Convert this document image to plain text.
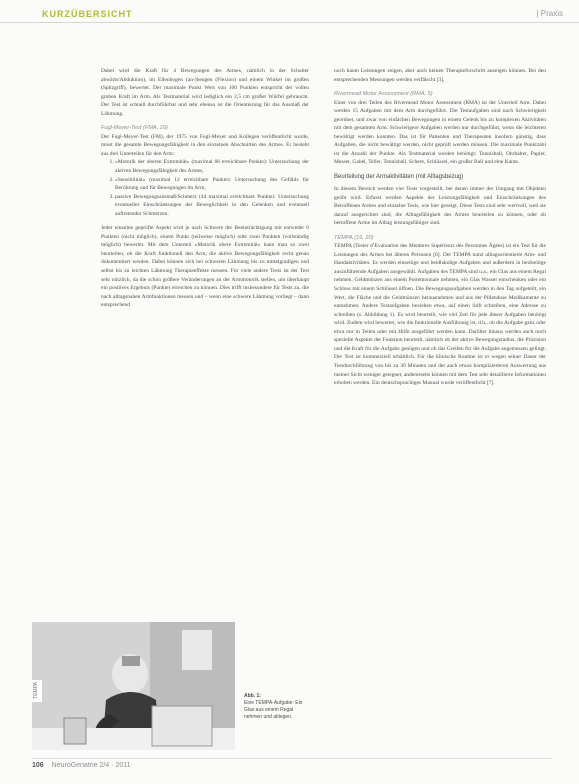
KURZÜBERSICHT	| Praxis

Dabei wird die Kraft für 4 Bewegungen des Armes, nämlich in der Schulter abwärts/Abduktion), im Ellenbogen (an-)beugen (Flexion) und einem Winkel im großen (Spitzgriff), bewertet. Der maximale Punkt Wert von 100 Punkten entspricht der vollen groben Kraft im Arm. Als Testmaterial wird lediglich ein 2,5 cm großer Würfel gebraucht. Der Test ist schnell durchführbar und sehr ebenso ist die Orientierung für das Ausmaß der Lähmung.

Fugl-Meyer-Test (FMA, 29)

Der Fugl-Meyer-Test (FM), der 1975 von Fugl-Meyer und Kollegen veröffentlicht wurde, misst die gesamte Bewegungsfähigkeit in den einzelnen Abschnitten des Armes. Er besteht aus drei Unterteilen für den Arm:

1. »Motorik der oberen Extremität« (maximal 66 erreichbare Punkte): Untersuchung der aktiven Bewegungsfähigkeit des Armes,
2. »Sensibilität« (maximal 12 erreichbare Punkte): Untersuchung des Gefühls für Berührung und für Bewegungen im Arm,
3. passive Bewegungsausmaß/Schmerz (44 maximal erreichbare Punkte): Untersuchung eventueller Einschränkungen der Beweglichkeit in den Gelenken und eventuell auftretender Schmerzen.

Jeder einzelne geprüfte Aspekt wird je nach Schwere der Beeinträchtigung mit entweder 0 Punkten (nicht möglich), einem Punkt (teilweise möglich) oder zwei Punkten (vollständig möglich) bewertet. Mit dem Unterteil »Motorik obere Extremität« kann man so zwei beurteilen, ob die Kraft funktionell den Arm, die aktive Bewegungsfähigkeit recht genau dokumentiert werden. Dabei können sich bei schweren Lähmung bis zu mittelgradigen und selbst bis zu leichten Lähmung Therapieeffekte messen. Für viele andere Tests ist der Test sehr nützlich, da die schon größere Veränderungen an der Armmotorik stellen, um überhaupt ein positives Ergebnis (Punkte) erreichen zu können. Dies trifft insbesondere für Tests zu, die nach alltagsnahen Armfunktionen messen und – wenn eine schwere Lähmung vorliegt – dann entsprechend

noch kaum Leistungen zeigen, aber auch keinen Therapieforschritt anzeigen können. Bei den entsprechenden Messungen werden verfälscht [3].

Rivermead Motor Assessment (RMA, 5)

Einer von drei Teilen des Rivermead Motor Assessment (RMA) ist der Unterteil Arm. Dabei werden 15 Aufgaben mit dem Arm durchgeführt. Die Testaufgaben sind nach Schwierigkeit geordnet, und zwar von einfachen Bewegungen in einem Gelenk bis zu komplexen Aktivitäten mit dem gesamten Arm. Schwierigere Aufgaben werden nur durchgeführt, wenn die leichteren bewältigt werden konnten. Das ist für Patienten und Therapeuten insofern günstig, dass Aufgaben, die nicht bewältigt werden, nicht geprüft werden müssen. Die maximale Punktzahl ist die Anzahl der Punkte. Als Testmaterial werden benötigt: Tennisball, Ohrhalter, Papier, Messer, Gabel, Teller, Tennisball, Schere, Schlüssel, ein großer Ball und eine Kante.

Beurteilung der Armaktivitäten (mit Alltagsbezug)

In diesem Bereich werden vier Tests vorgestellt, bei denen immer der Umgang mit Objekten geübt wird. Erfasst werden Aspekte der Leistungsfähigkeit und Einschränkungen des Betroffenen Armes und einzelne Tests, wie hier gezeigt. Diese Tests sind sehr wertvoll, weil sie darauf ausgerichtet sind, die Alltagsfähigkeit des Armes beurteilen zu können, oder ob betroffene Arme im Alltag leistungsfähiger sind.

TEMPA (19, 20)

TEMPA (Tester d’Evaluation des Membres Supérieurs des Personnes Âgées) ist ein Test für die Leistungen des Armes bei älteren Personen [6]. Der TEMPA nutzt alltagsorientierte Arm- und Handaktivitäten. Es werden einseitige und beidhändige Aufgaben und außerdem in beidseitige auszuführende Aufgaben ausgewählt. Aufgaben des TEMPA sind u.a., ein Glas aus einem Regal nehmen, Geldmünzen aus einem Portemonnaie nehmen, ein Glas Wasser einschenken oder ein Schloss mit einem Schlüssel öffnen. Die Bewegungsaufgaben werden in den Tag aufgeteilt, ein Wert, die Fläche und die Geldmünzen herausnehmen und aus der Pillendose Medikamente zu entnehmen. Andere Testaufgaben beziehen etwa, auf einen Stift schreiben, eine Adresse zu schreiben (s. Abbildung 1). Es wird beurteilt, wie viel Zeit für jede dieser Aufgaben benötigt wird. Zudem wird bewertet, wie die funktionelle Ausführung ist, d.h., ob die Aufgabe ganz oder etwa nur in Teilen oder mit Hilfe ausgeführt werden kann. Darüber hinaus werden auch noch spezielle Aspekte der Funktion beurteilt, nämlich ob der aktive Bewegungsradius, die Präzision und die Kraft für die Aufgabe genügen und ob das Greifen für die Aufgabe angemessen gelingt. Der Test ist kommerziell erhältlich. Für die klinische Routine ist er wegen seiner Dauer der Testdurchführung von bis zu 30 Minuten und der auch etwas komplizierteren Auswertung aus meiner Sicht weniger geeignet, andererseits können mit dem Test sehr detaillierte Informationen erhoben werden. Ein deutschsprachiges Manual wurde veröffentlicht [7].

TEMPA	Abb. 1:
Eine TEMPA-Aufgabe: Ein Glas aus einem Regal nehmen und ablegen.
106 NeuroGeriatrie 2/4 · 2011
